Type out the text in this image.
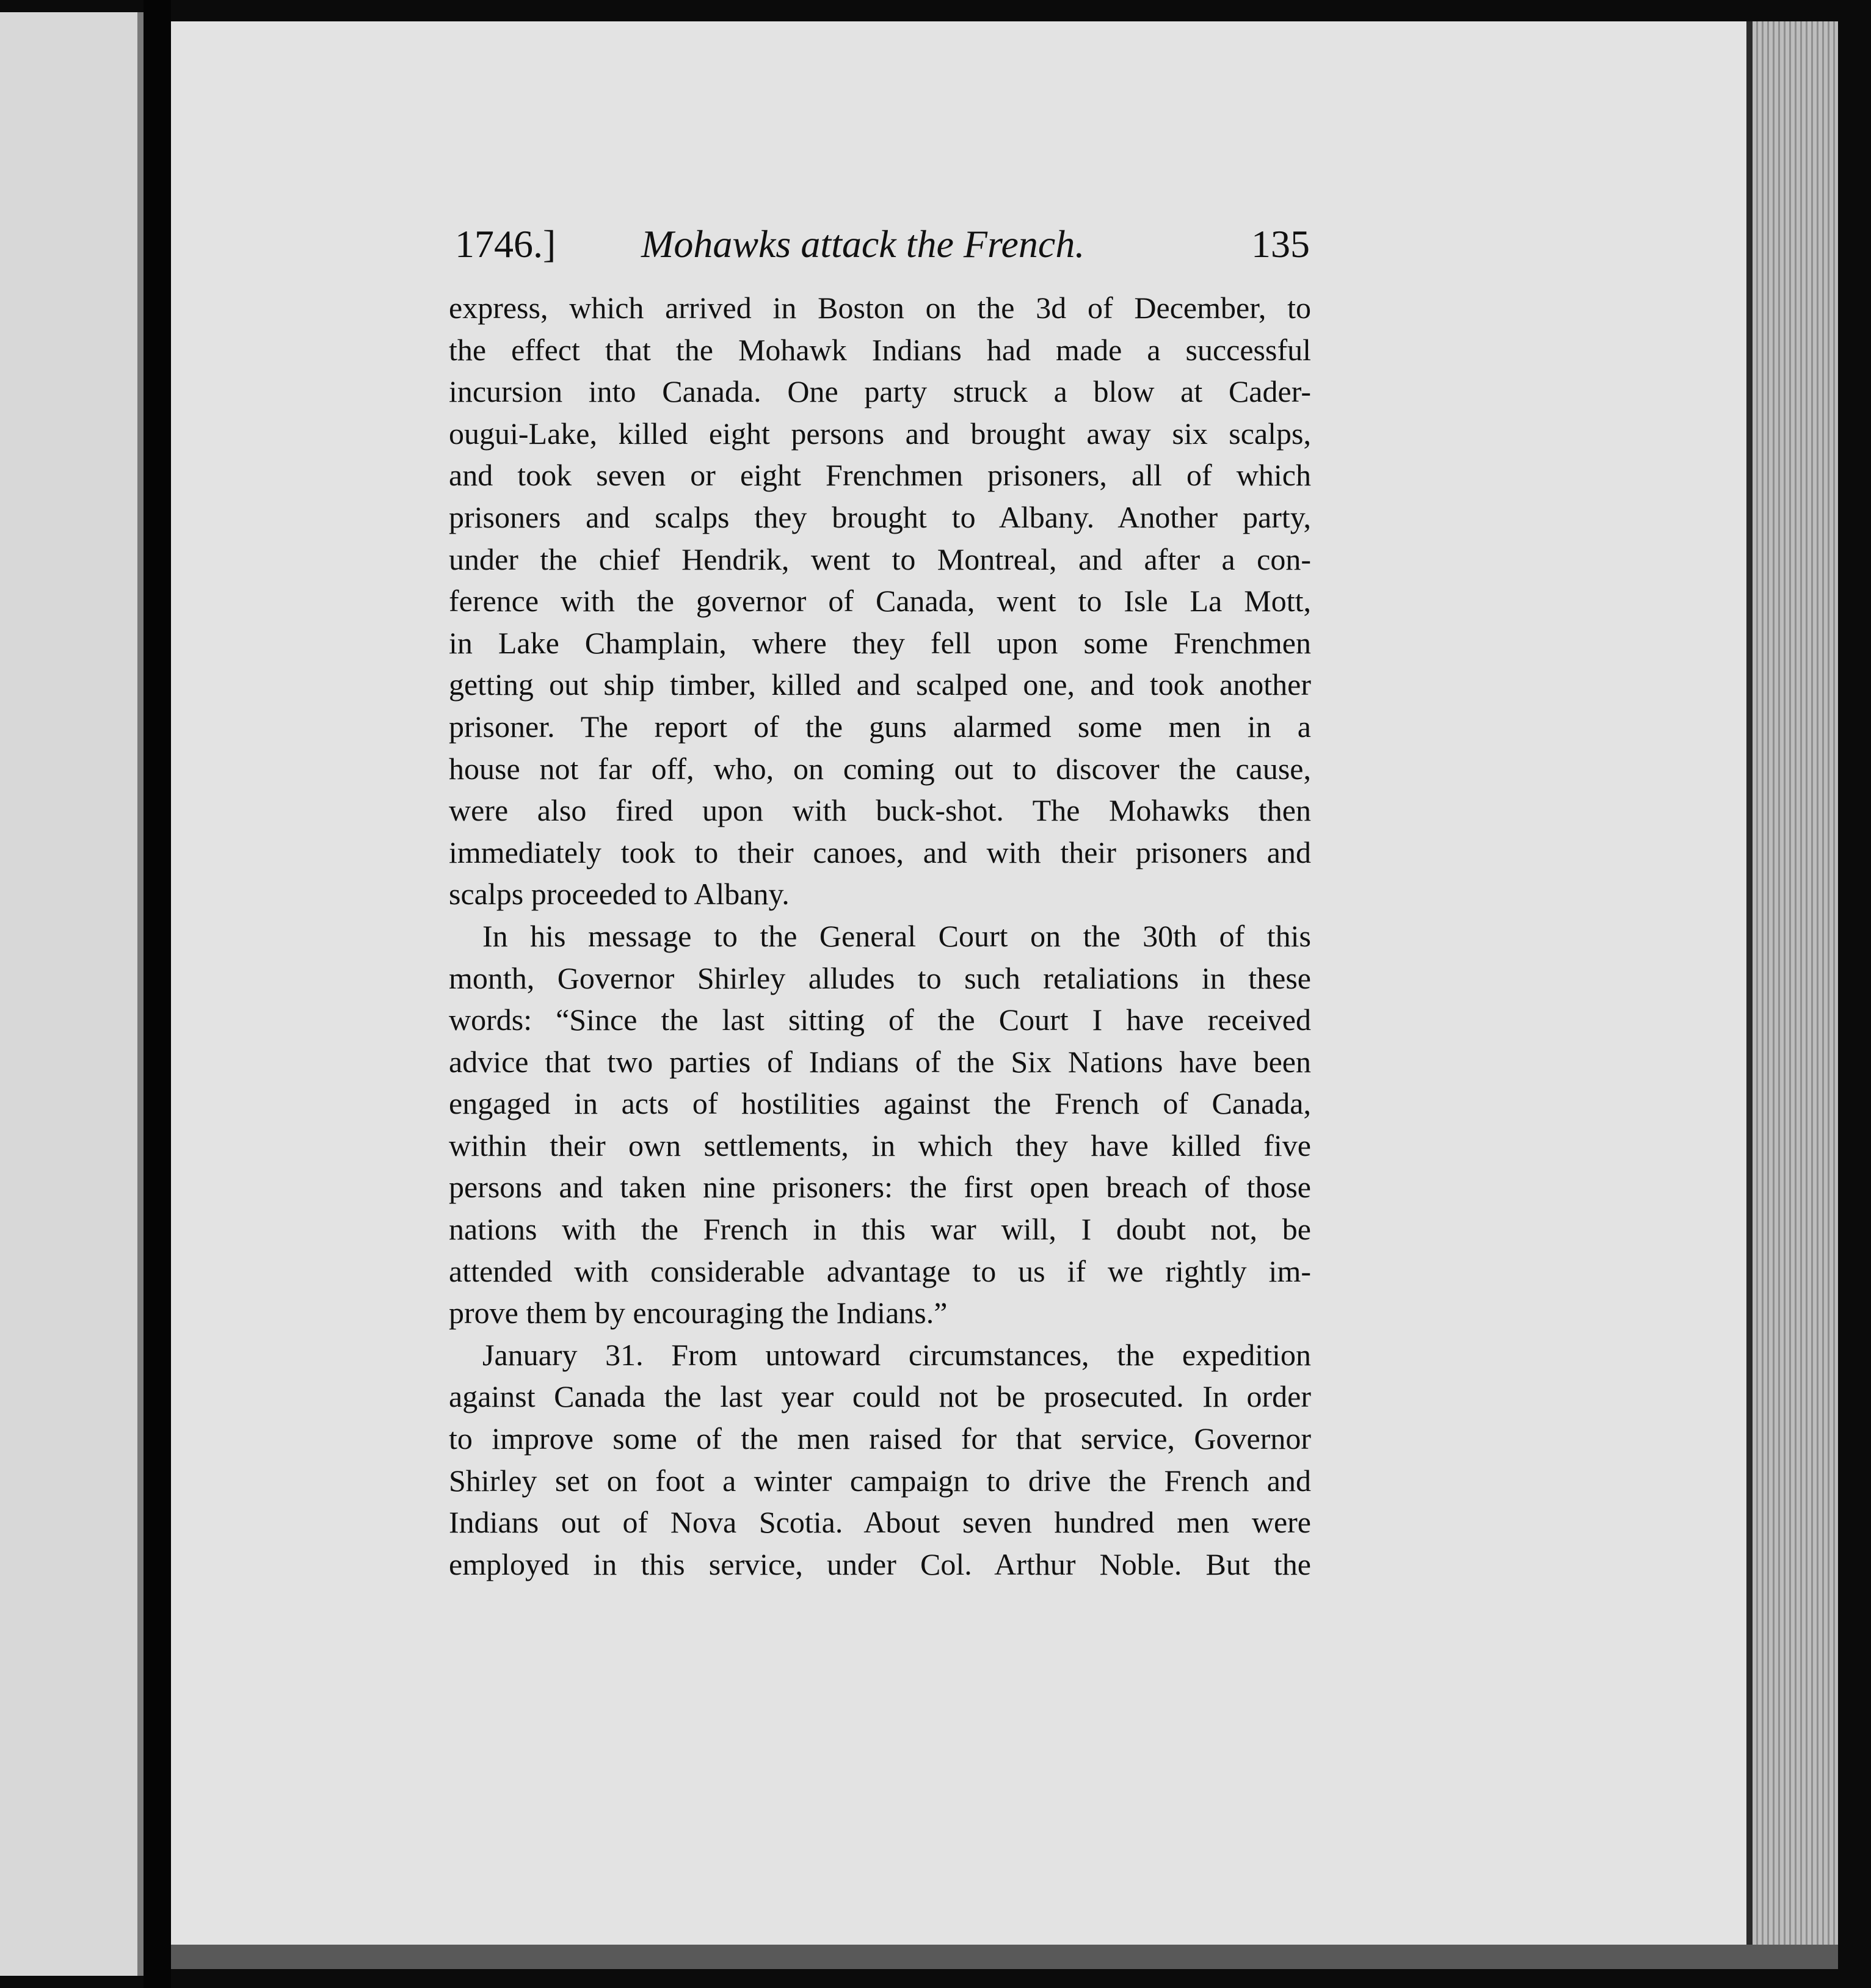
1746.] Mohawks attack the French.	135

express, which arrived in Boston on the 3d of December, to
the effect that the Mohawk Indians had made a successful
incursion into Canada. One party struck a blow at Cader-
ougui-Lake, killed eight persons and brought away six scalps,
and took seven or eight Frenchmen prisoners, all of which
prisoners and scalps they brought to Albany. Another party,
under the chief Hendrik, went to Montreal, and after a con-
ference with the governor of Canada, went to Isle La Mott,
in Lake Champlain, where they fell upon some Frenchmen
getting out ship timber, killed and scalped one, and took another
prisoner. The report of the guns alarmed some men in a
house not far off, who, on coming out to discover the cause,
were also fired upon with buck-shot. The Mohawks then
immediately took to their canoes, and with their prisoners and
scalps proceeded to Albany.

In his message to the General Court on the 30th of this
month, Governor Shirley alludes to such retaliations in these
words: “Since the last sitting of the Court I have received
advice that two parties of Indians of the Six Nations have been
engaged in acts of hostilities against the French of Canada,
within their own settlements, in which they have killed five
persons and taken nine prisoners: the first open breach of those
nations with the French in this war will, I doubt not, be
attended with considerable advantage to us if we rightly im-
prove them by encouraging the Indians.”

January 31. From untoward circumstances, the expedition
against Canada the last year could not be prosecuted. In order
to improve some of the men raised for that service, Governor
Shirley set on foot a winter campaign to drive the French and
Indians out of Nova Scotia. About seven hundred men were
employed in this service, under Col. Arthur Noble. But the
